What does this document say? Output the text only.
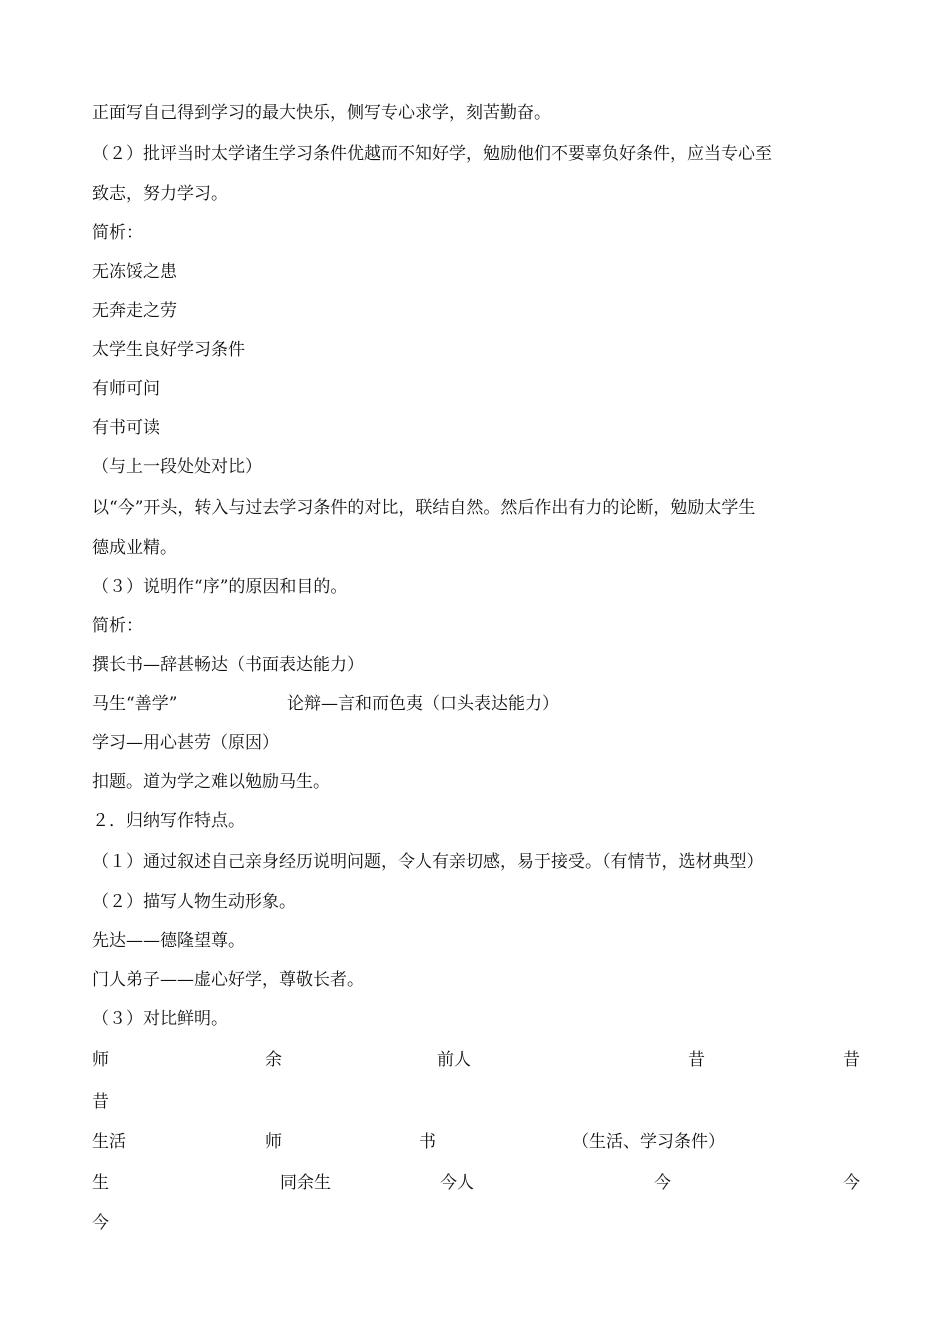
正面写自己得到学习的最大快乐，侧写专心求学，刻苦勤奋。
（２）批评当时太学诸生学习条件优越而不知好学，勉励他们不要辜负好条件，应当专心至
致志，努力学习。
简析：
无冻馁之患
无奔走之劳
太学生良好学习条件
有师可问
有书可读
（与上一段处处对比）
以“今”开头，转入与过去学习条件的对比，联结自然。然后作出有力的论断，勉励太学生
德成业精。
（３）说明作“序”的原因和目的。
简析：
撰长书—辞甚畅达（书面表达能力）
马生“善学”	论辩—言和而色夷（口头表达能力）
学习—用心甚劳（原因）
扣题。道为学之难以勉励马生。
２．归纳写作特点。
（１）通过叙述自己亲身经历说明问题，令人有亲切感，易于接受。（有情节，选材典型）
（２）描写人物生动形象。
先达——德隆望尊。
门人弟子——虚心好学，尊敬长者。
（３）对比鲜明。
师	余	前人	昔	昔
昔
生活	师	书	（生活、学习条件）
生	同余生	今人	今	今
今
